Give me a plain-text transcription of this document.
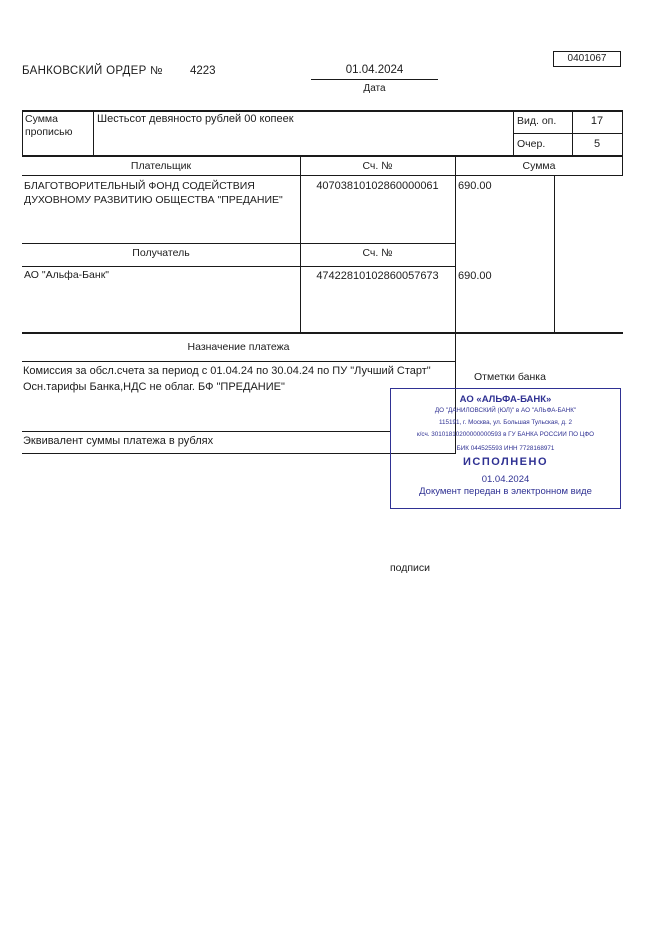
БАНКОВСКИЙ ОРДЕР № 4223	01.04.2024
Дата
0401067
Сумма прописью
Шестьсот девяносто рублей 00 копеек	Вид. оп.	17
Очер.	5
Плательщик	Сч. №	Сумма
БЛАГОТВОРИТЕЛЬНЫЙ ФОНД СОДЕЙСТВИЯ ДУХОВНОМУ РАЗВИТИЮ ОБЩЕСТВА "ПРЕДАНИЕ"
40703810102860000061	690.00
Получатель	Сч. №
АО "Альфа-Банк"	47422810102860057673	690.00
Назначение платежа
Комиссия за обсл.счета за период с 01.04.24 по 30.04.24 по ПУ "Лучший Старт"
Осн.тарифы Банка,НДС не облаг. БФ "ПРЕДАНИЕ"
Отметки банка
Эквивалент суммы платежа в рублях
АО «АЛЬФА-БАНК»
ДО "ДАНИЛОВСКИЙ (ЮЛ)" в АО "АЛЬФА-БАНК"
115191, г. Москва, ул. Большая Тульская, д. 2
к/сч. 30101810200000000593 в ГУ БАНКА РОССИИ ПО ЦФО
БИК 044525593 ИНН 7728168971
ИСПОЛНЕНО
01.04.2024
Документ передан в электронном виде
подписи
